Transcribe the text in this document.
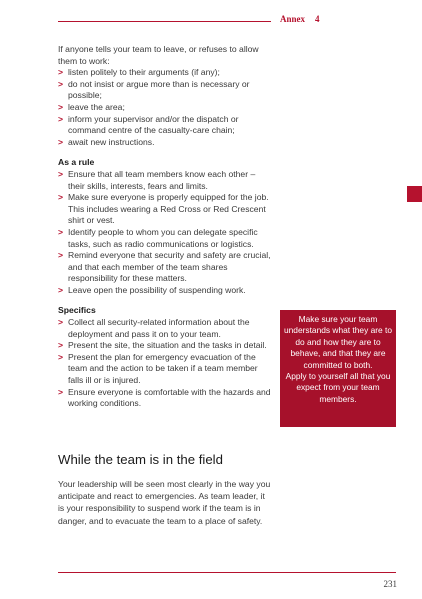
Annex 4

If anyone tells your team to leave, or refuses to allow them to work:

> listen politely to their arguments (if any);
> do not insist or argue more than is necessary or possible;
> leave the area;
> inform your supervisor and/or the dispatch or command centre of the casualty-care chain;
> await new instructions.

As a rule

> Ensure that all team members know each other – their skills, interests, fears and limits.
> Make sure everyone is properly equipped for the job. This includes wearing a Red Cross or Red Crescent shirt or vest.
> Identify people to whom you can delegate specific tasks, such as radio communications or logistics.
> Remind everyone that security and safety are crucial, and that each member of the team shares responsibility for these matters.
> Leave open the possibility of suspending work.

Specifics

> Collect all security-related information about the deployment and pass it on to your team.
> Present the site, the situation and the tasks in detail.
> Present the plan for emergency evacuation of the team and the action to be taken if a team member falls ill or is injured.
> Ensure everyone is comfortable with the hazards and working conditions.
Make sure your team understands what they are to do and how they are to behave, and that they are committed to both.
Apply to yourself all that you expect from your team members.
While the team is in the field
Your leadership will be seen most clearly in the way you anticipate and react to emergencies. As team leader, it is your responsibility to suspend work if the team is in danger, and to evacuate the team to a place of safety.
231
